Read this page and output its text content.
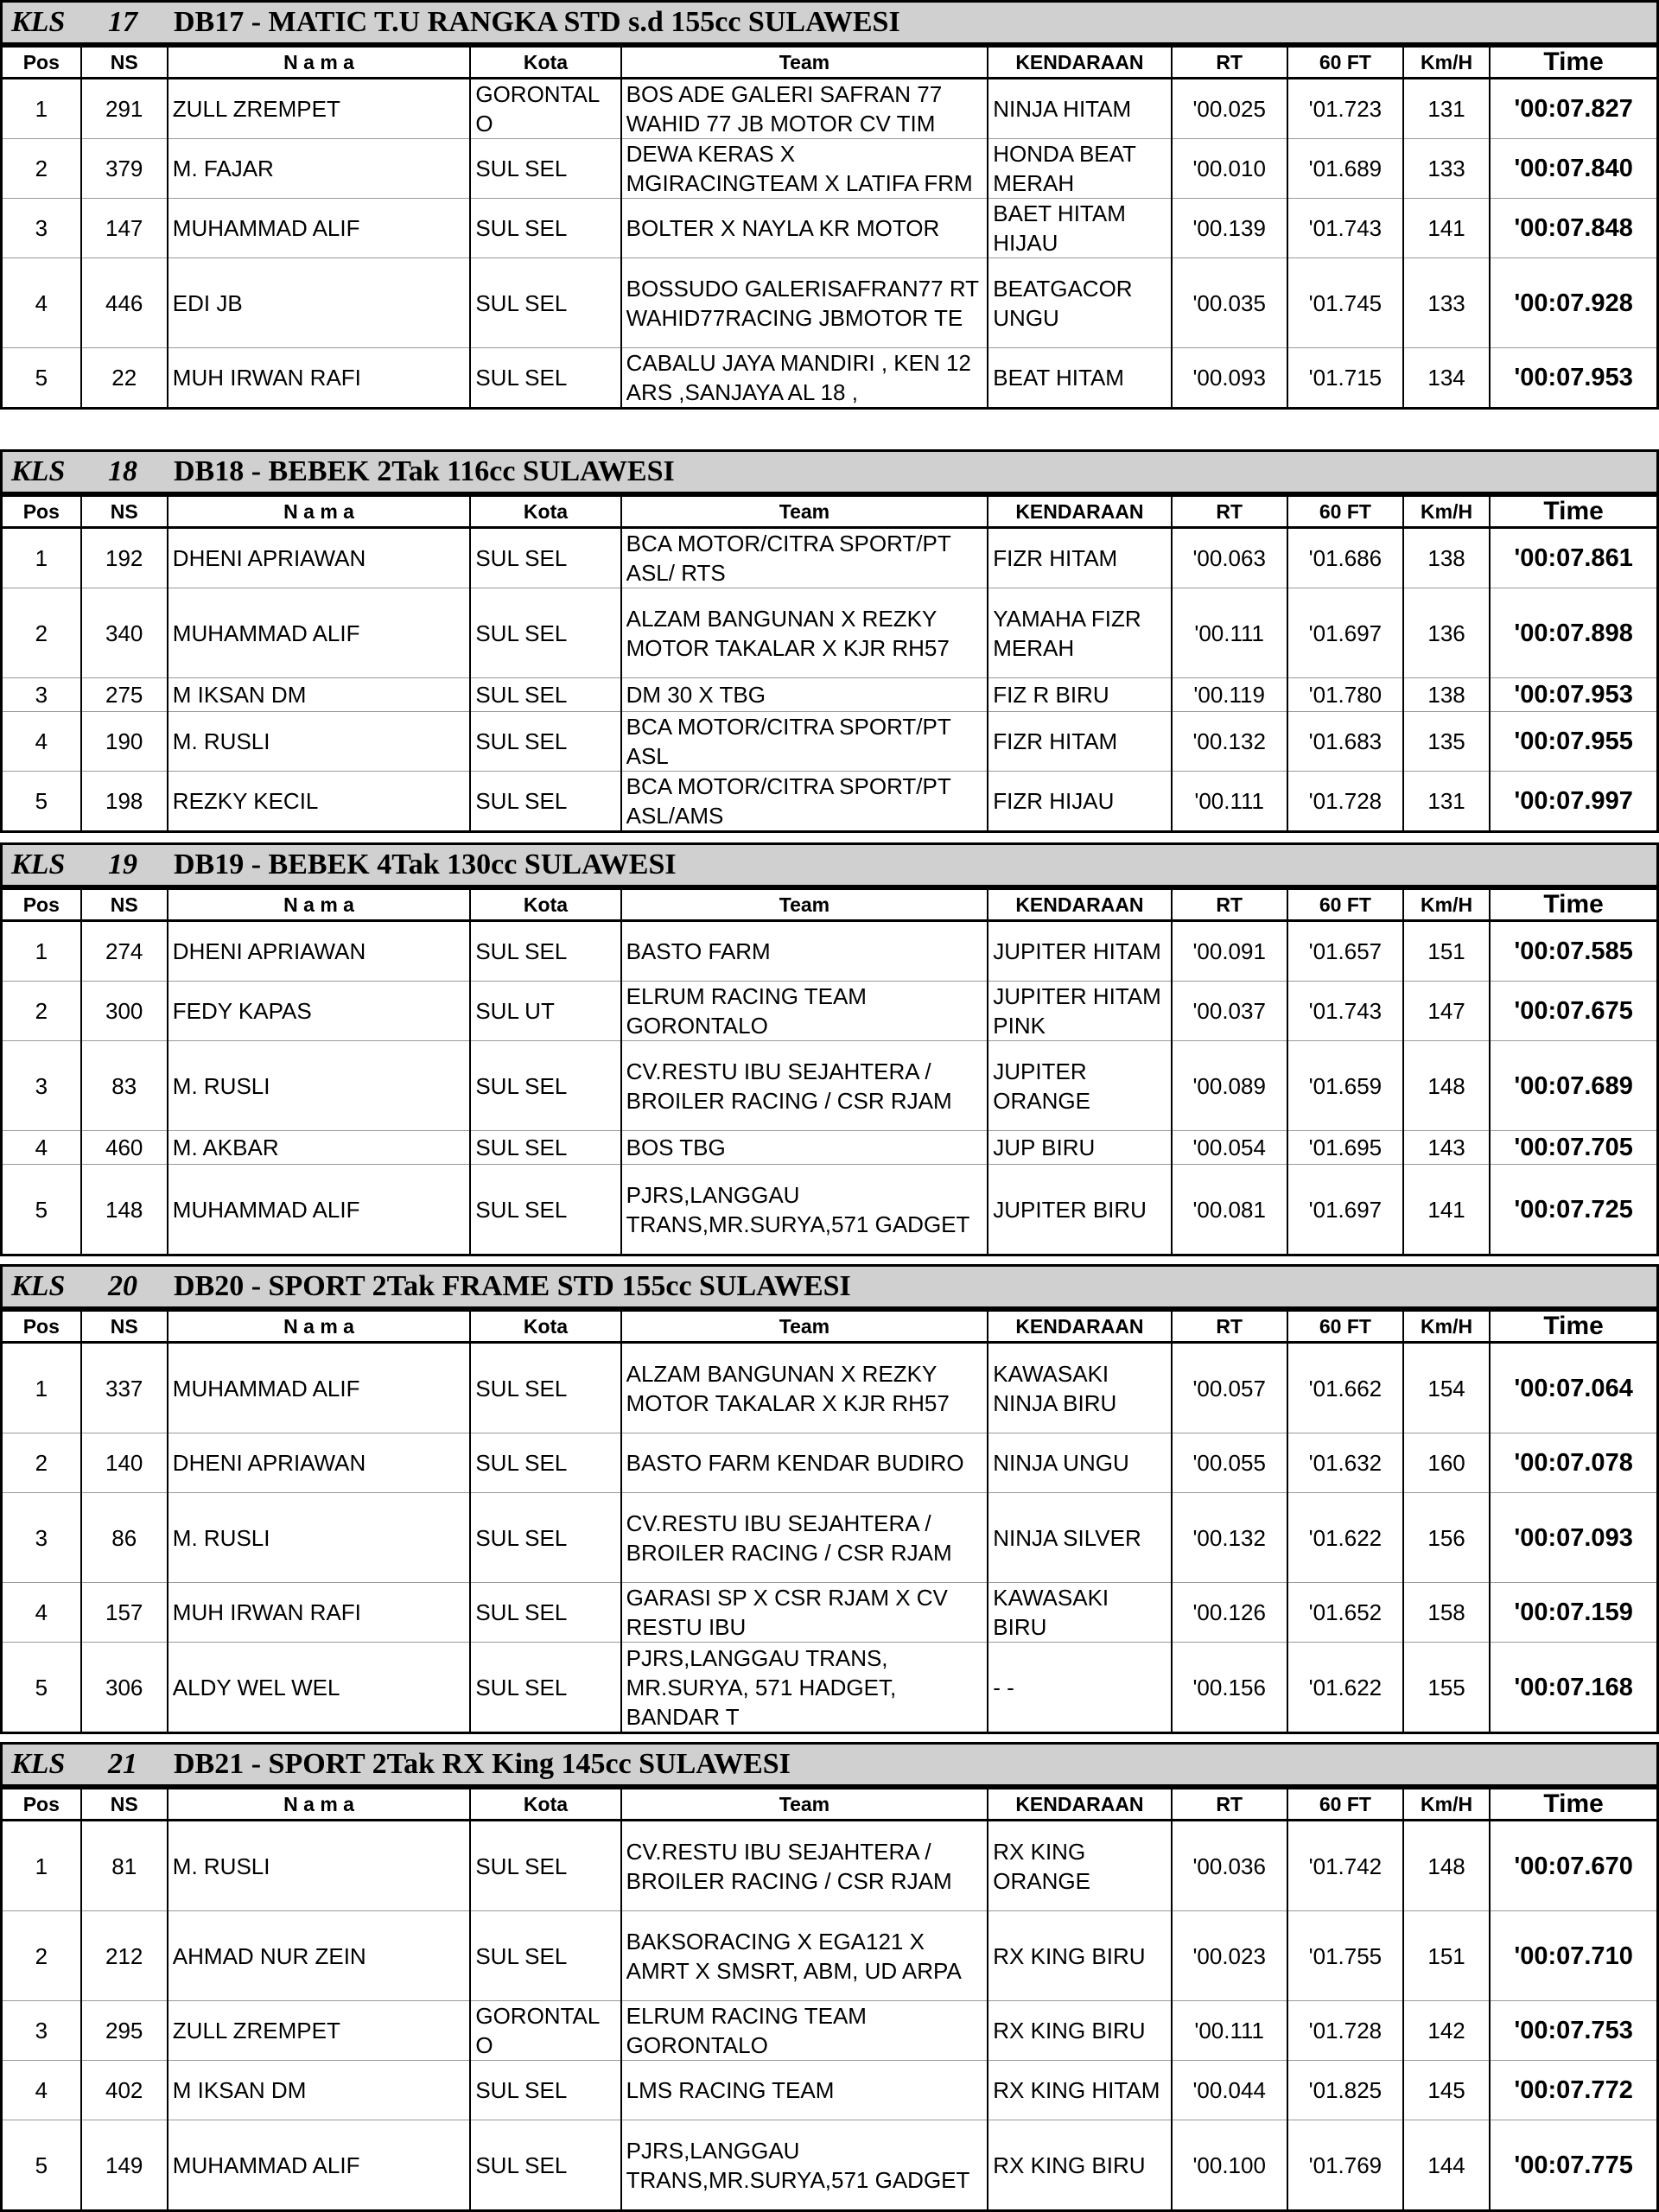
KLS 17 DB17 - MATIC T.U RANGKA STD s.d 155cc SULAWESI
Pos	NS	N a m a	Kota	Team	KENDARAAN	RT	60 FT	Km/H	Time

1	291	ZULL ZREMPET	GORONTALO	BOS ADE GALERI SAFRAN 77 WAHID 77 JB MOTOR CV TIM	NINJA HITAM	'00.025	'01.723	131	'00:07.827

2	379	M. FAJAR	SUL SEL	DEWA KERAS X MGIRACINGTEAM X LATIFA FRM	HONDA BEAT MERAH	'00.010	'01.689	133	'00:07.840

3	147	MUHAMMAD ALIF	SUL SEL	BOLTER X NAYLA KR MOTOR	BAET HITAM HIJAU	'00.139	'01.743	141	'00:07.848

4	446	EDI JB	SUL SEL	BOSSUDO GALERISAFRAN77 RT WAHID77RACING JBMOTOR TE	BEATGACOR UNGU	'00.035	'01.745	133	'00:07.928

5	22	MUH IRWAN RAFI	SUL SEL	CABALU JAYA MANDIRI , KEN 12 ARS ,SANJAYA AL 18 ,	BEAT HITAM	'00.093	'01.715	134	'00:07.953
KLS 18 DB18 - BEBEK 2Tak 116cc SULAWESI
Pos	NS	N a m a	Kota	Team	KENDARAAN	RT	60 FT	Km/H	Time

1	192	DHENI APRIAWAN	SUL SEL	BCA MOTOR/CITRA SPORT/PT ASL/ RTS	FIZR HITAM	'00.063	'01.686	138	'00:07.861

2	340	MUHAMMAD ALIF	SUL SEL	ALZAM BANGUNAN X REZKY MOTOR TAKALAR X KJR RH57	YAMAHA FIZR MERAH	'00.111	'01.697	136	'00:07.898

3	275	M IKSAN DM	SUL SEL	DM 30 X TBG	FIZ R BIRU	'00.119	'01.780	138	'00:07.953

4	190	M. RUSLI	SUL SEL	BCA MOTOR/CITRA SPORT/PT ASL	FIZR HITAM	'00.132	'01.683	135	'00:07.955

5	198	REZKY KECIL	SUL SEL	BCA MOTOR/CITRA SPORT/PT ASL/AMS	FIZR HIJAU	'00.111	'01.728	131	'00:07.997
KLS 19 DB19 - BEBEK 4Tak 130cc SULAWESI
Pos	NS	N a m a	Kota	Team	KENDARAAN	RT	60 FT	Km/H	Time

1	274	DHENI APRIAWAN	SUL SEL	BASTO FARM	JUPITER HITAM	'00.091	'01.657	151	'00:07.585

2	300	FEDY KAPAS	SUL UT	ELRUM RACING TEAM GORONTALO	JUPITER HITAM PINK	'00.037	'01.743	147	'00:07.675

3	83	M. RUSLI	SUL SEL	CV.RESTU IBU SEJAHTERA / BROILER RACING / CSR RJAM	JUPITER ORANGE	'00.089	'01.659	148	'00:07.689

4	460	M. AKBAR	SUL SEL	BOS TBG	JUP BIRU	'00.054	'01.695	143	'00:07.705

5	148	MUHAMMAD ALIF	SUL SEL	PJRS,LANGGAU TRANS,MR.SURYA,571 GADGET	JUPITER BIRU	'00.081	'01.697	141	'00:07.725
KLS 20 DB20 - SPORT 2Tak FRAME STD 155cc SULAWESI
Pos	NS	N a m a	Kota	Team	KENDARAAN	RT	60 FT	Km/H	Time

1	337	MUHAMMAD ALIF	SUL SEL	ALZAM BANGUNAN X REZKY MOTOR TAKALAR X KJR RH57	KAWASAKI NINJA BIRU	'00.057	'01.662	154	'00:07.064

2	140	DHENI APRIAWAN	SUL SEL	BASTO FARM KENDAR BUDIRO	NINJA UNGU	'00.055	'01.632	160	'00:07.078

3	86	M. RUSLI	SUL SEL	CV.RESTU IBU SEJAHTERA / BROILER RACING / CSR RJAM	NINJA SILVER	'00.132	'01.622	156	'00:07.093

4	157	MUH IRWAN RAFI	SUL SEL	GARASI SP X CSR RJAM X CV RESTU IBU	KAWASAKI BIRU	'00.126	'01.652	158	'00:07.159

5	306	ALDY WEL WEL	SUL SEL	PJRS,LANGGAU TRANS, MR.SURYA, 571 HADGET, BANDAR T	- -	'00.156	'01.622	155	'00:07.168
KLS 21 DB21 - SPORT 2Tak RX King 145cc SULAWESI
Pos	NS	N a m a	Kota	Team	KENDARAAN	RT	60 FT	Km/H	Time

1	81	M. RUSLI	SUL SEL	CV.RESTU IBU SEJAHTERA / BROILER RACING / CSR RJAM	RX KING ORANGE	'00.036	'01.742	148	'00:07.670

2	212	AHMAD NUR ZEIN	SUL SEL	BAKSORACING X EGA121 X AMRT X SMSRT, ABM, UD ARPA	RX KING BIRU	'00.023	'01.755	151	'00:07.710

3	295	ZULL ZREMPET	GORONTALO	ELRUM RACING TEAM GORONTALO	RX KING BIRU	'00.111	'01.728	142	'00:07.753

4	402	M IKSAN DM	SUL SEL	LMS RACING TEAM	RX KING HITAM	'00.044	'01.825	145	'00:07.772

5	149	MUHAMMAD ALIF	SUL SEL	PJRS,LANGGAU TRANS,MR.SURYA,571 GADGET	RX KING BIRU	'00.100	'01.769	144	'00:07.775
